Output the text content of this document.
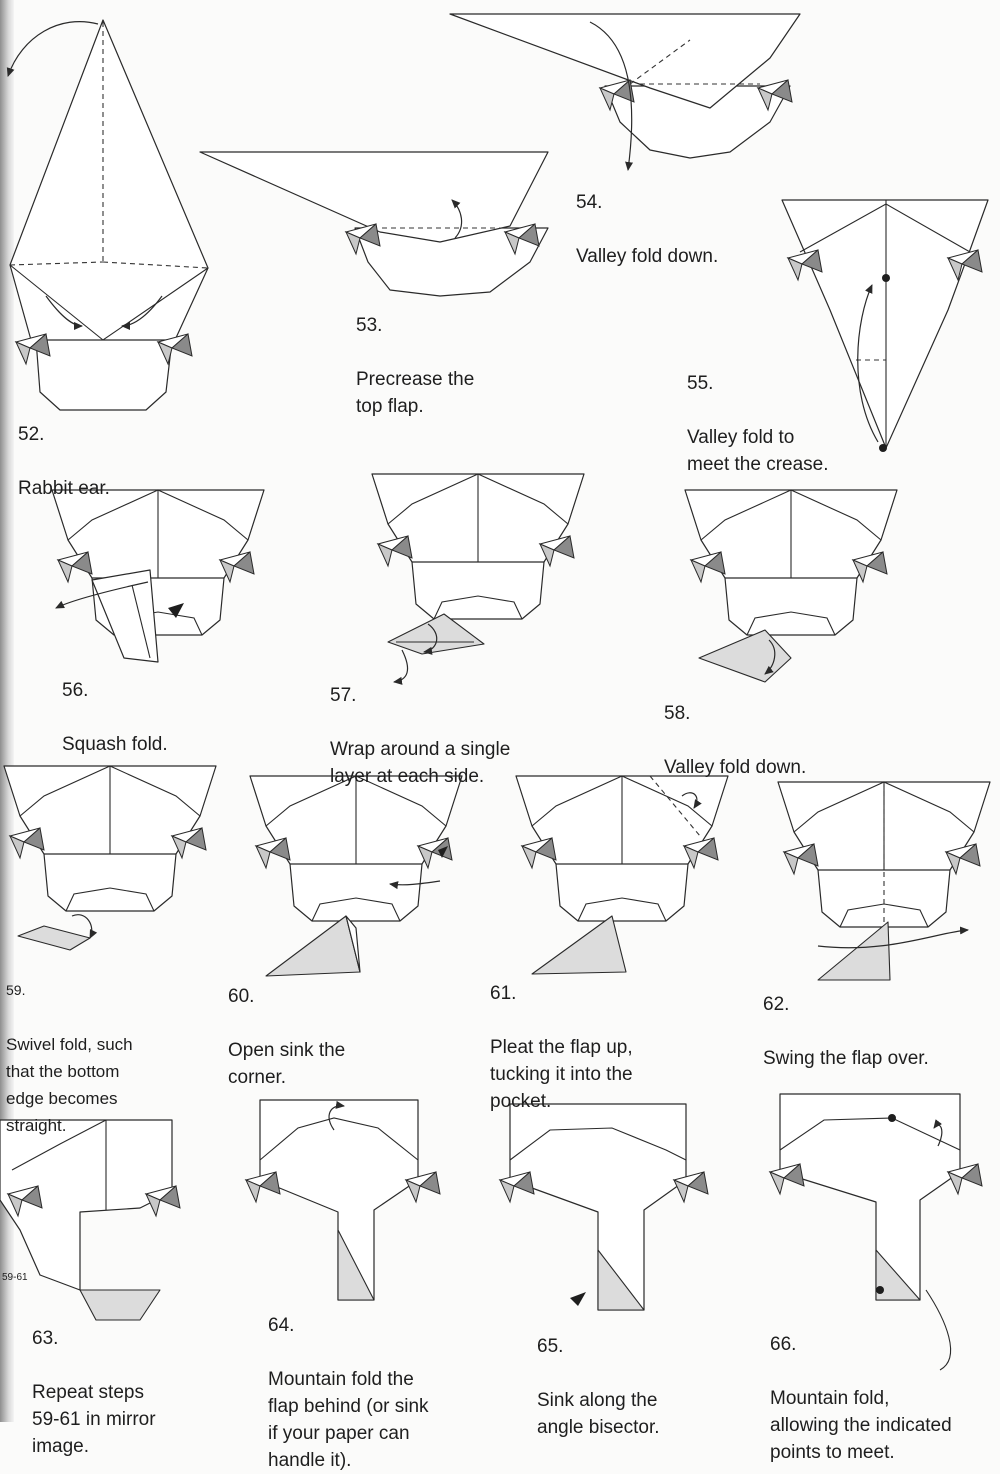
52.

Rabbit ear.

53.

Precrease the
top flap.

54.

Valley fold down.

55.

Valley fold to
meet the crease.

56.

Squash fold.

57.

Wrap around a single
layer at each side.

58.

Valley fold down.

59.

Swivel fold, such
that the bottom
edge becomes
straight.

60.

Open sink the
corner.

61.

Pleat the flap up,
tucking it into the
pocket.

62.

Swing the flap over.

63.

Repeat steps
59-61 in mirror
image.

64.

Mountain fold the
flap behind (or sink
if your paper can
handle it).

65.

Sink along the
angle bisector.

66.

Mountain fold,
allowing the indicated
points to meet.

59-61
